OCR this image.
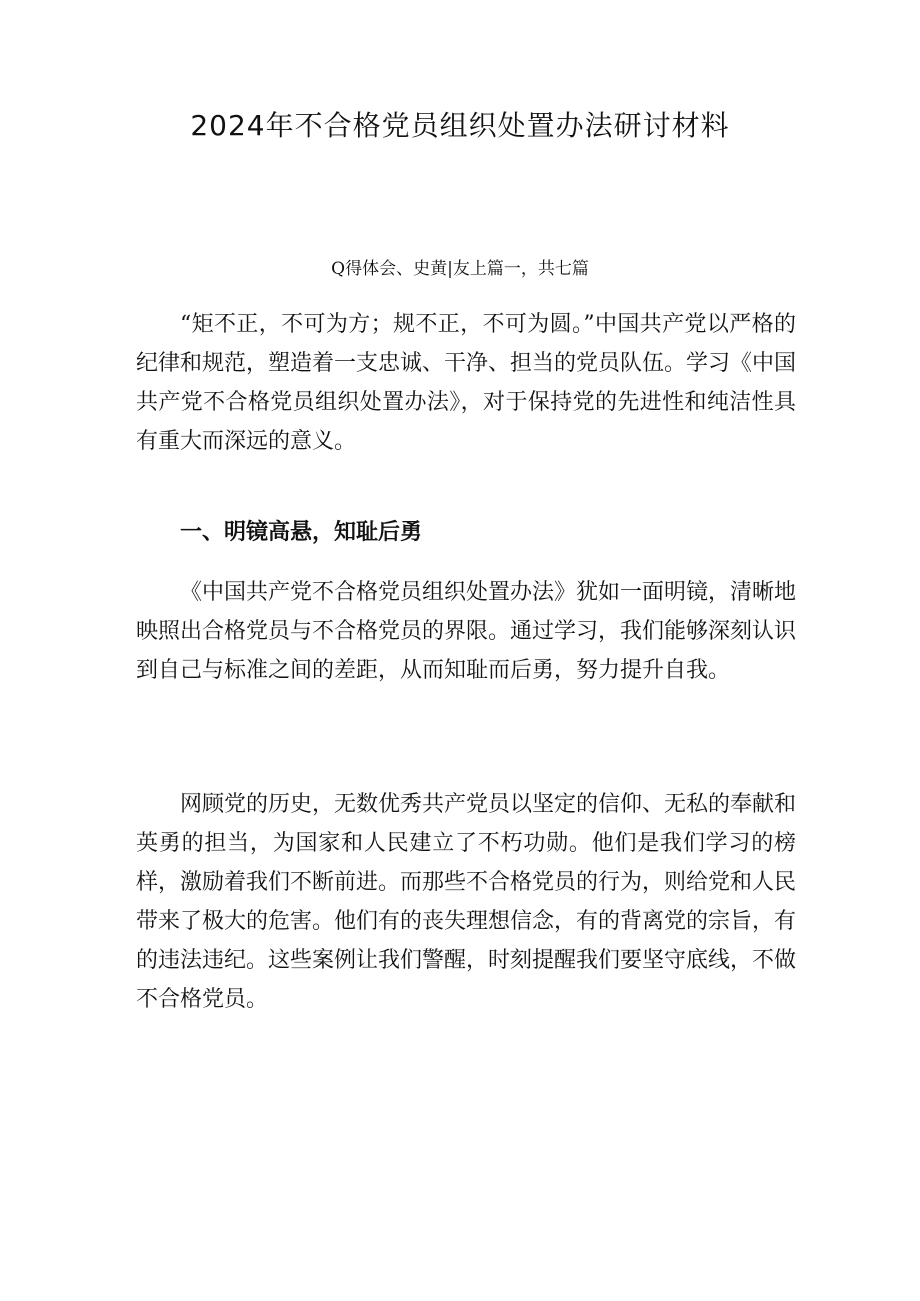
2024年不合格党员组织处置办法研讨材料

Q得体会、史黄|友上篇一，共七篇

“矩不正，不可为方；规不正，不可为圆。”中国共产党以严格的纪律和规范，塑造着一支忠诚、干净、担当的党员队伍。学习《中国共产党不合格党员组织处置办法》，对于保持党的先进性和纯洁性具有重大而深远的意义。

一、明镜高悬，知耻后勇

《中国共产党不合格党员组织处置办法》犹如一面明镜，清晰地映照出合格党员与不合格党员的界限。通过学习，我们能够深刻认识到自己与标准之间的差距，从而知耻而后勇，努力提升自我。

网顾党的历史，无数优秀共产党员以坚定的信仰、无私的奉献和英勇的担当，为国家和人民建立了不朽功勋。他们是我们学习的榜样，激励着我们不断前进。而那些不合格党员的行为，则给党和人民带来了极大的危害。他们有的丧失理想信念，有的背离党的宗旨，有的违法违纪。这些案例让我们警醒，时刻提醒我们要坚守底线，不做不合格党员。
